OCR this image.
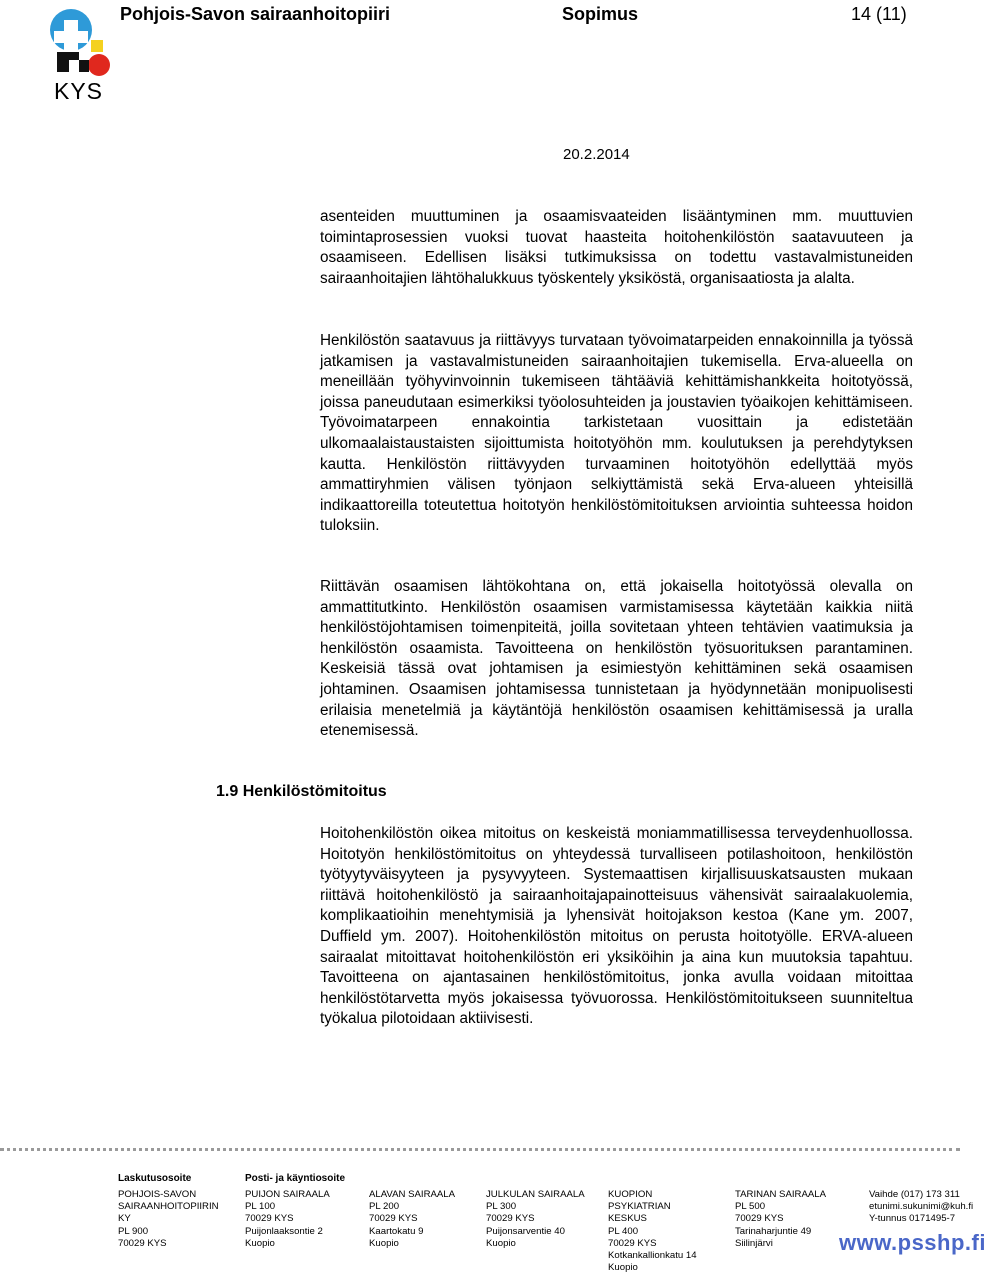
KYS
Pohjois-Savon sairaanhoitopiiri	Sopimus	14 (11)
20.2.2014

asenteiden muuttuminen ja osaamisvaateiden lisääntyminen mm. muuttuvien toimintaprosessien vuoksi tuovat haasteita hoitohenkilöstön saatavuuteen ja osaamiseen. Edellisen lisäksi tutkimuksissa on todettu vastavalmistuneiden sairaanhoitajien lähtöhalukkuus työskentely yksiköstä, organisaatiosta ja alalta.

Henkilöstön saatavuus ja riittävyys turvataan työvoimatarpeiden ennakoinnilla ja työssä jatkamisen ja vastavalmistuneiden sairaanhoitajien tukemisella. Erva-alueella on meneillään työhyvinvoinnin tukemiseen tähtääviä kehittämishankkeita hoitotyössä, joissa paneudutaan esimerkiksi työolosuhteiden ja joustavien työaikojen kehittämiseen. Työvoimatarpeen ennakointia tarkistetaan vuosittain ja edistetään ulkomaalaistaustaisten sijoittumista hoitotyöhön mm. koulutuksen ja perehdytyksen kautta. Henkilöstön riittävyyden turvaaminen hoitotyöhön edellyttää myös ammattiryhmien välisen työnjaon selkiyttämistä sekä Erva-alueen yhteisillä indikaattoreilla toteutettua hoitotyön henkilöstömitoituksen arviointia suhteessa hoidon tuloksiin.

Riittävän osaamisen lähtökohtana on, että jokaisella hoitotyössä olevalla on ammattitutkinto. Henkilöstön osaamisen varmistamisessa käytetään kaikkia niitä henkilöstöjohtamisen toimenpiteitä, joilla sovitetaan yhteen tehtävien vaatimuksia ja henkilöstön osaamista. Tavoitteena on henkilöstön työsuorituksen parantaminen. Keskeisiä tässä ovat johtamisen ja esimiestyön kehittäminen sekä osaamisen johtaminen. Osaamisen johtamisessa tunnistetaan ja hyödynnetään monipuolisesti erilaisia menetelmiä ja käytäntöjä henkilöstön osaamisen kehittämisessä ja uralla etenemisessä.

1.9 Henkilöstömitoitus

Hoitohenkilöstön oikea mitoitus on keskeistä moniammatillisessa terveydenhuollossa. Hoitotyön henkilöstömitoitus on yhteydessä turvalliseen potilashoitoon, henkilöstön työtyytyväisyyteen ja pysyvyyteen. Systemaattisen kirjallisuuskatsausten mukaan riittävä hoitohenkilöstö ja sairaanhoitajapainotteisuus vähensivät sairaalakuolemia, komplikaatioihin menehtymisiä ja lyhensivät hoitojakson kestoa (Kane ym. 2007, Duffield ym. 2007). Hoitohenkilöstön mitoitus on perusta hoitotyölle. ERVA-alueen sairaalat mitoittavat hoitohenkilöstön eri yksiköihin ja aina kun muutoksia tapahtuu. Tavoitteena on ajantasainen henkilöstömitoitus, jonka avulla voidaan mitoittaa henkilöstötarvetta myös jokaisessa työvuorossa. Henkilöstömitoitukseen suunniteltua työkalua pilotoidaan aktiivisesti.

Laskutusosoite
POHJOIS-SAVON
SAIRAANHOITOPIIRIN
KY
PL 900
70029 KYS
Posti- ja käyntiosoite
PUIJON SAIRAALA
PL 100
70029 KYS
Puijonlaaksontie 2
Kuopio
ALAVAN SAIRAALA
PL 200
70029 KYS
Kaartokatu 9
Kuopio
JULKULAN SAIRAALA
PL 300
70029 KYS
Puijonsarventie 40
Kuopio
KUOPION
PSYKIATRIAN
KESKUS
PL 400
70029 KYS
Kotkankallionkatu 14
Kuopio
TARINAN SAIRAALA
PL 500
70029 KYS
Tarinaharjuntie 49
Siilinjärvi
Vaihde (017) 173 311
etunimi.sukunimi@kuh.fi
Y-tunnus 0171495-7
www.psshp.fi
